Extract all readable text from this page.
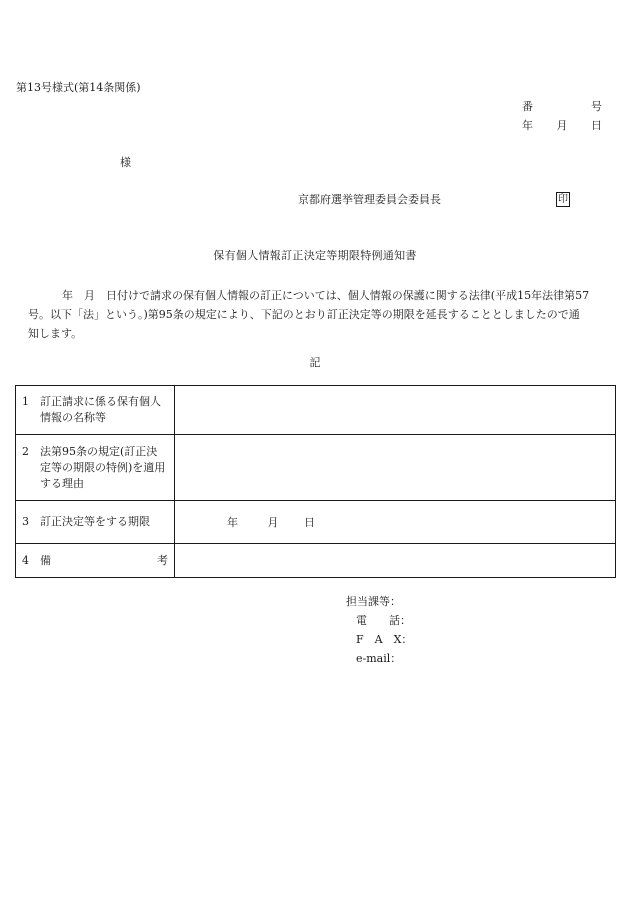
第13号様式(第14条関係)
番	号
年 月 日
様
京都府選挙管理委員会委員長	印
保有個人情報訂正決定等期限特例通知書
年　月　日付けで請求の保有個人情報の訂正については、個人情報の保護に関する法律(平成15年法律第57
号。以下「法」という。)第95条の規定により、下記のとおり訂正決定等の期限を延長することとしましたので通
知します。
記
1 訂正請求に係る保有個人情報の名称等	

2 法第95条の規定(訂正決定等の期限の特例)を適用する理由	

3 訂正決定等をする期限	年 月 日

4 備 考	

担当課等：
電　　話：
F　A　X：
e-mail：
